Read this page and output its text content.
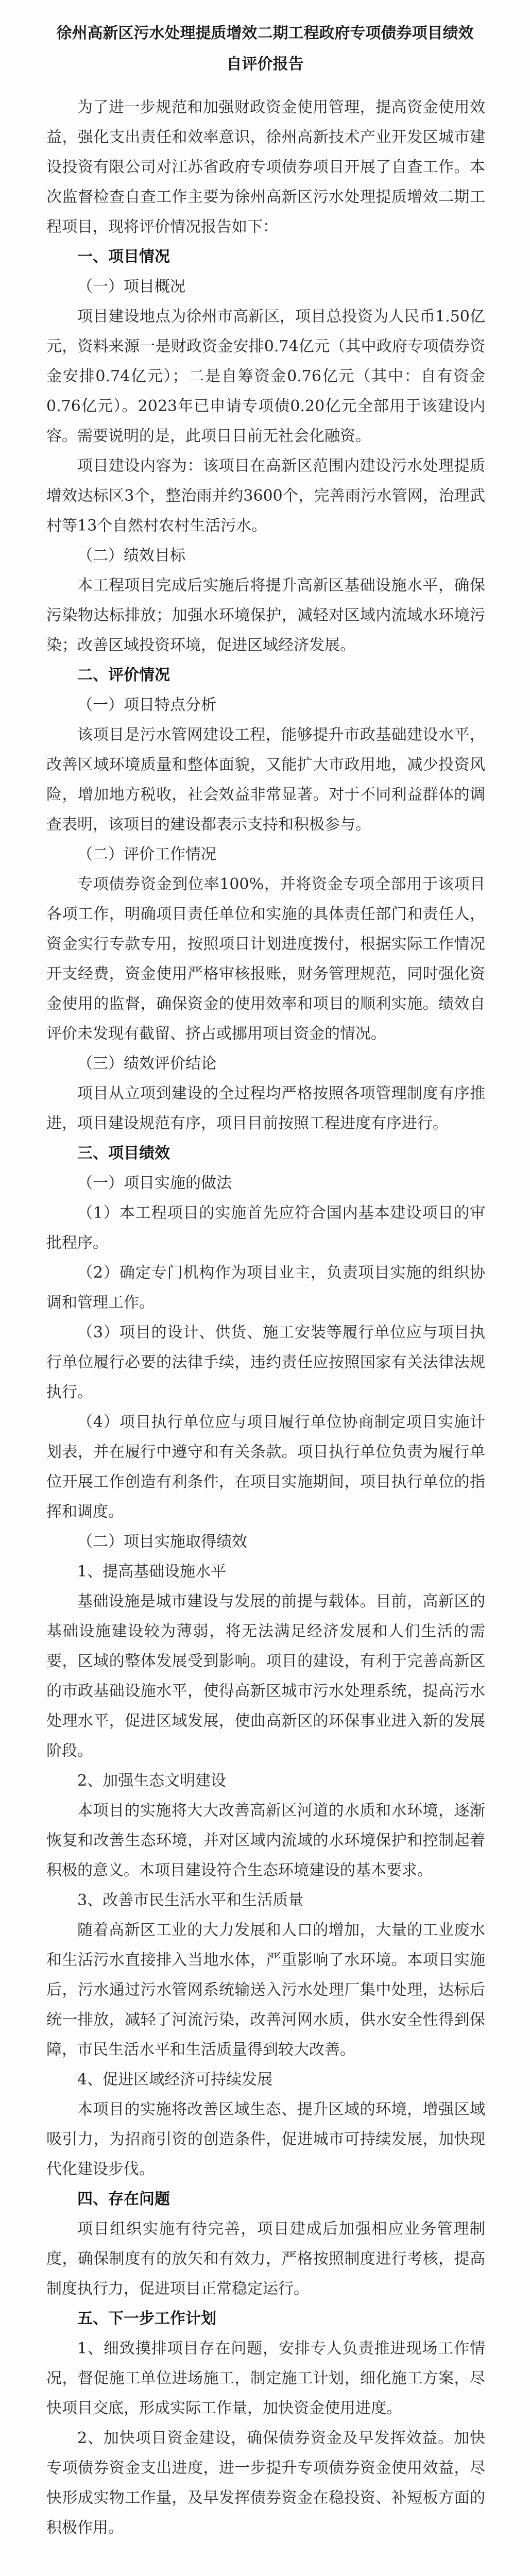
徐州高新区污水处理提质增效二期工程政府专项债券项目绩效
自评价报告

为了进一步规范和加强财政资金使用管理，提高资金使用效益，强化支出责任和效率意识，徐州高新技术产业开发区城市建设投资有限公司对江苏省政府专项债券项目开展了自查工作。本次监督检查自查工作主要为徐州高新区污水处理提质增效二期工程项目，现将评价情况报告如下：

一、项目情况

（一）项目概况

项目建设地点为徐州市高新区，项目总投资为人民币1.50亿元，资料来源一是财政资金安排0.74亿元（其中政府专项债券资金安排0.74亿元）；二是自筹资金0.76亿元（其中：自有资金0.76亿元）。2023年已申请专项债0.20亿元全部用于该建设内容。需要说明的是，此项目目前无社会化融资。

项目建设内容为：该项目在高新区范围内建设污水处理提质增效达标区3个，整治雨并约3600个，完善雨污水管网，治理武村等13个自然村农村生活污水。

（二）绩效目标

本工程项目完成后实施后将提升高新区基础设施水平，确保污染物达标排放；加强水环境保护，减轻对区域内流域水环境污染；改善区域投资环境，促进区域经济发展。

二、评价情况

（一）项目特点分析

该项目是污水管网建设工程，能够提升市政基础建设水平，改善区域环境质量和整体面貌，又能扩大市政用地，减少投资风险，增加地方税收，社会效益非常显著。对于不同利益群体的调查表明，该项目的建设都表示支持和积极参与。

（二）评价工作情况

专项债券资金到位率100%，并将资金专项全部用于该项目各项工作，明确项目责任单位和实施的具体责任部门和责任人，资金实行专款专用，按照项目计划进度拨付，根据实际工作情况开支经费，资金使用严格审核报账，财务管理规范，同时强化资金使用的监督，确保资金的使用效率和项目的顺利实施。绩效自评价未发现有截留、挤占或挪用项目资金的情况。

（三）绩效评价结论

项目从立项到建设的全过程均严格按照各项管理制度有序推进，项目建设规范有序，项目目前按照工程进度有序进行。

三、项目绩效

（一）项目实施的做法

（1）本工程项目的实施首先应符合国内基本建设项目的审批程序。

（2）确定专门机构作为项目业主，负责项目实施的组织协调和管理工作。

（3）项目的设计、供货、施工安装等履行单位应与项目执行单位履行必要的法律手续，违约责任应按照国家有关法律法规执行。

（4）项目执行单位应与项目履行单位协商制定项目实施计划表，并在履行中遵守和有关条款。项目执行单位负责为履行单位开展工作创造有利条件，在项目实施期间，项目执行单位的指挥和调度。

（二）项目实施取得绩效

1、提高基础设施水平

基础设施是城市建设与发展的前提与载体。目前，高新区的基础设施建设较为薄弱，将无法满足经济发展和人们生活的需要，区域的整体发展受到影响。项目的建设，有利于完善高新区的市政基础设施水平，使得高新区城市污水处理系统，提高污水处理水平，促进区域发展，使曲高新区的环保事业进入新的发展阶段。

2、加强生态文明建设

本项目的实施将大大改善高新区河道的水质和水环境，逐渐恢复和改善生态环境，并对区域内流域的水环境保护和控制起着积极的意义。本项目建设符合生态环境建设的基本要求。

3、改善市民生活水平和生活质量

随着高新区工业的大力发展和人口的增加，大量的工业废水和生活污水直接排入当地水体，严重影响了水环境。本项目实施后，污水通过污水管网系统输送入污水处理厂集中处理，达标后统一排放，减轻了河流污染，改善河网水质，供水安全性得到保障，市民生活水平和生活质量得到较大改善。

4、促进区域经济可持续发展

本项目的实施将改善区域生态、提升区域的环境，增强区域吸引力，为招商引资的创造条件，促进城市可持续发展，加快现代化建设步伐。

四、存在问题

项目组织实施有待完善，项目建成后加强相应业务管理制度，确保制度有的放矢和有效力，严格按照制度进行考核，提高制度执行力，促进项目正常稳定运行。

五、下一步工作计划

1、细致摸排项目存在问题，安排专人负责推进现场工作情况，督促施工单位进场施工，制定施工计划，细化施工方案，尽快项目交底，形成实际工作量，加快资金使用进度。

2、加快项目资金建设，确保债券资金及早发挥效益。加快专项债券资金支出进度，进一步提升专项债券资金使用效益，尽快形成实物工作量，及早发挥债券资金在稳投资、补短板方面的积极作用。
